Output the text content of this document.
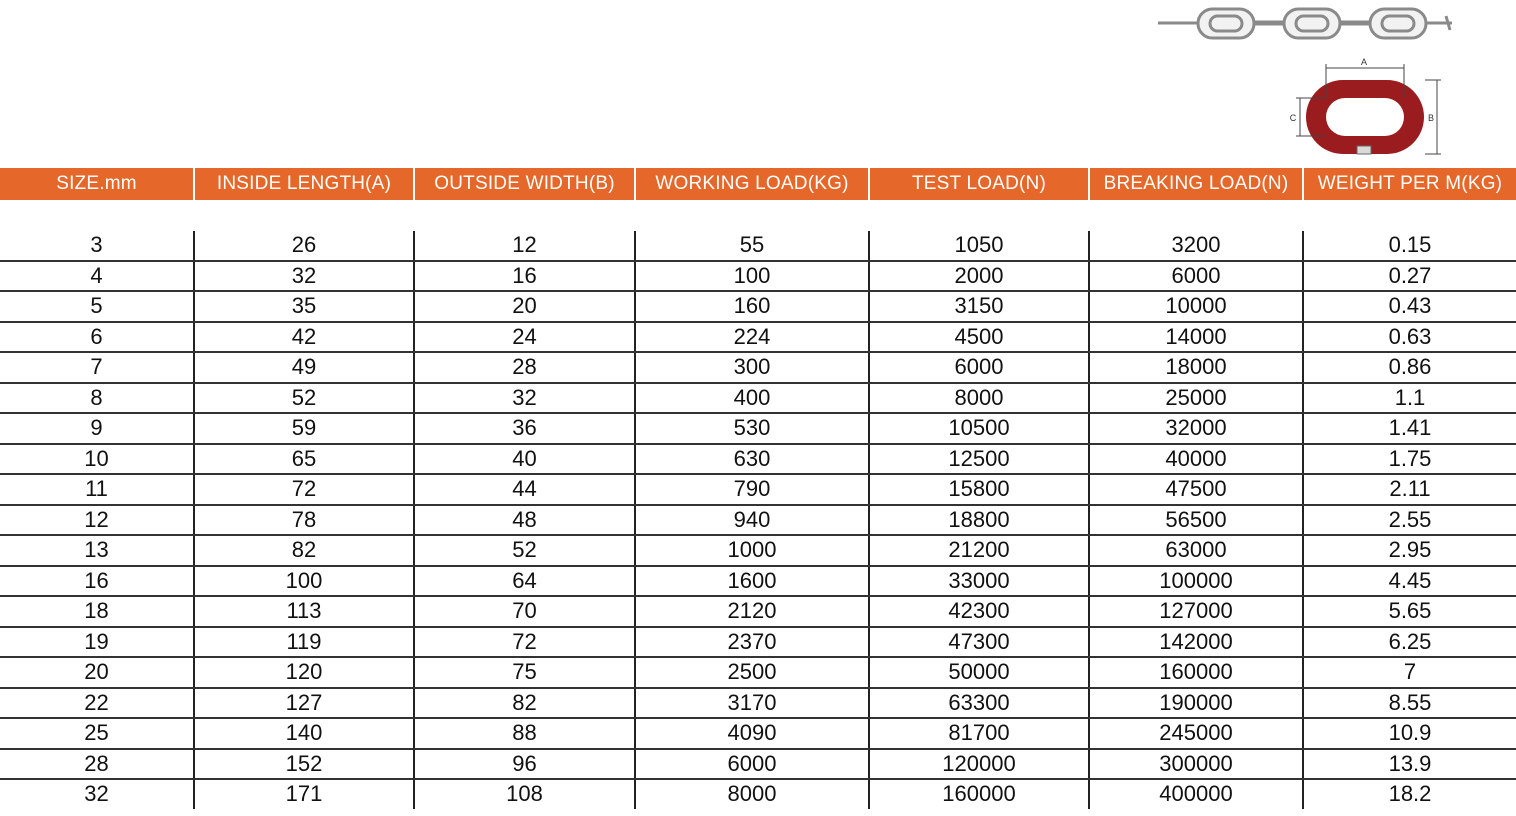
A
B
C
SIZE.mm	INSIDE LENGTH(A)	OUTSIDE WIDTH(B)	WORKING LOAD(KG)	TEST LOAD(N)	BREAKING LOAD(N)	WEIGHT PER M(KG)

3	26	12	55	1050	3200	0.15
4	32	16	100	2000	6000	0.27
5	35	20	160	3150	10000	0.43
6	42	24	224	4500	14000	0.63
7	49	28	300	6000	18000	0.86
8	52	32	400	8000	25000	1.1
9	59	36	530	10500	32000	1.41
10	65	40	630	12500	40000	1.75
11	72	44	790	15800	47500	2.11
12	78	48	940	18800	56500	2.55
13	82	52	1000	21200	63000	2.95
16	100	64	1600	33000	100000	4.45
18	113	70	2120	42300	127000	5.65
19	119	72	2370	47300	142000	6.25
20	120	75	2500	50000	160000	7
22	127	82	3170	63300	190000	8.55
25	140	88	4090	81700	245000	10.9
28	152	96	6000	120000	300000	13.9
32	171	108	8000	160000	400000	18.2
